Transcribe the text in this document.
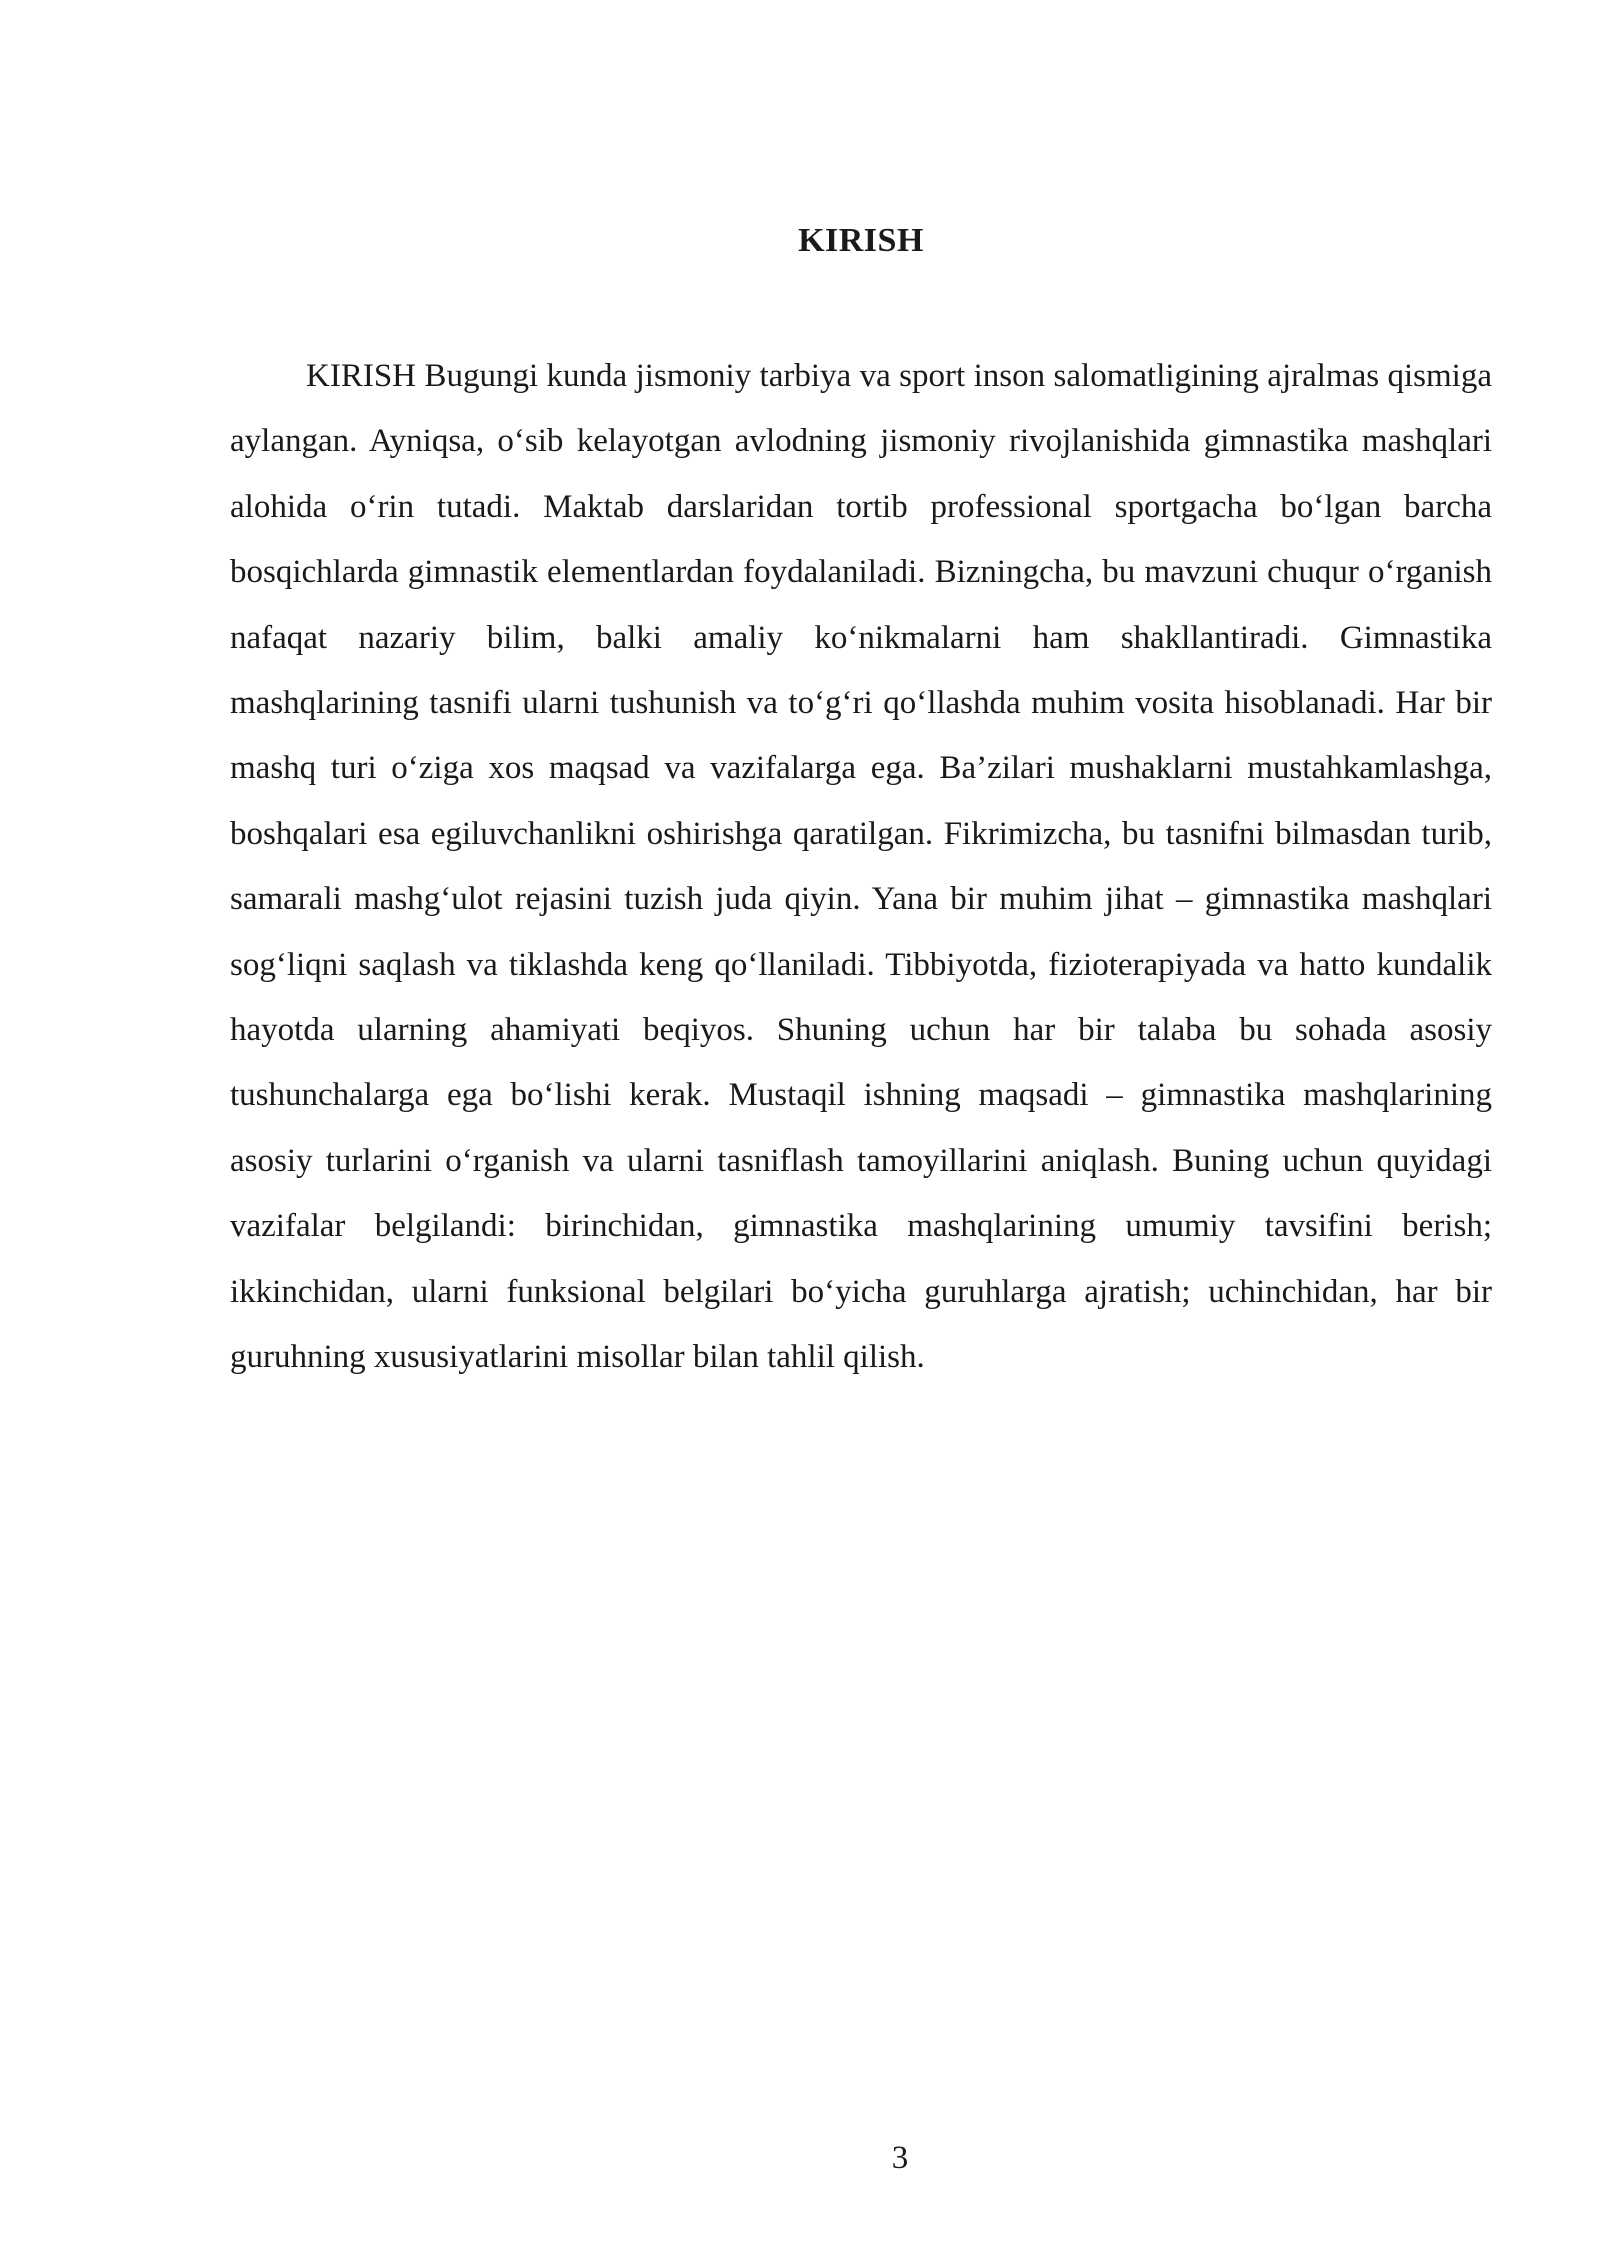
KIRISH

KIRISH Bugungi kunda jismoniy tarbiya va sport inson salomatligining ajralmas qismiga aylangan. Ayniqsa, o‘sib kelayotgan avlodning jismoniy rivojlanishida gimnastika mashqlari alohida o‘rin tutadi. Maktab darslaridan tortib professional sportgacha bo‘lgan barcha bosqichlarda gimnastik elementlardan foydalaniladi. Bizningcha, bu mavzuni chuqur o‘rganish nafaqat nazariy bilim, balki amaliy ko‘nikmalarni ham shakllantiradi. Gimnastika mashqlarining tasnifi ularni tushunish va to‘g‘ri qo‘llashda muhim vosita hisoblanadi. Har bir mashq turi o‘ziga xos maqsad va vazifalarga ega. Ba’zilari mushaklarni mustahkamlashga, boshqalari esa egiluvchanlikni oshirishga qaratilgan. Fikrimizcha, bu tasnifni bilmasdan turib, samarali mashg‘ulot rejasini tuzish juda qiyin. Yana bir muhim jihat – gimnastika mashqlari sog‘liqni saqlash va tiklashda keng qo‘llaniladi. Tibbiyotda, fizioterapiyada va hatto kundalik hayotda ularning ahamiyati beqiyos. Shuning uchun har bir talaba bu sohada asosiy tushunchalarga ega bo‘lishi kerak. Mustaqil ishning maqsadi – gimnastika mashqlarining asosiy turlarini o‘rganish va ularni tasniflash tamoyillarini aniqlash. Buning uchun quyidagi vazifalar belgilandi: birinchidan, gimnastika mashqlarining umumiy tavsifini berish; ikkinchidan, ularni funksional belgilari bo‘yicha guruhlarga ajratish; uchinchidan, har bir guruhning xususiyatlarini misollar bilan tahlil qilish.

3
